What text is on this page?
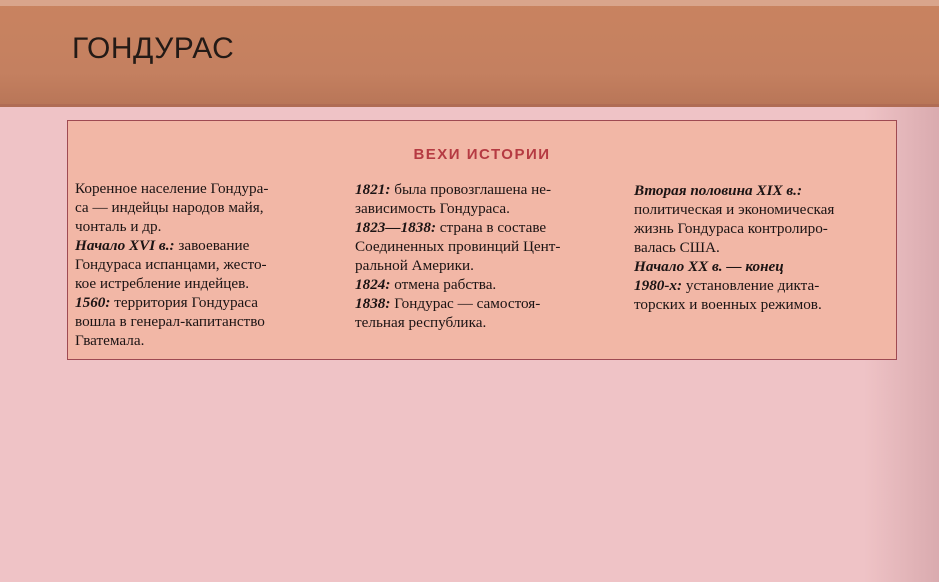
ГОНДУРАС
ВЕХИ ИСТОРИИ

Коренное население Гондура-

са — индейцы народов майя,

чонталь и др.

Начало XVI в.: завоевание

Гондураса испанцами, жесто-

кое истребление индейцев.

1560: территория Гондураса

вошла в генерал-капитанство

Гватемала.

1821: была провозглашена не-

зависимость Гондураса.

1823—1838: страна в составе

Соединенных провинций Цент-

ральной Америки.

1824: отмена рабства.

1838: Гондурас — самостоя-

тельная республика.

Вторая половина XIX в.:

политическая и экономическая

жизнь Гондураса контролиро-

валась США.

Начало XX в. — конец

1980-х: установление дикта-

торских и военных режимов.
